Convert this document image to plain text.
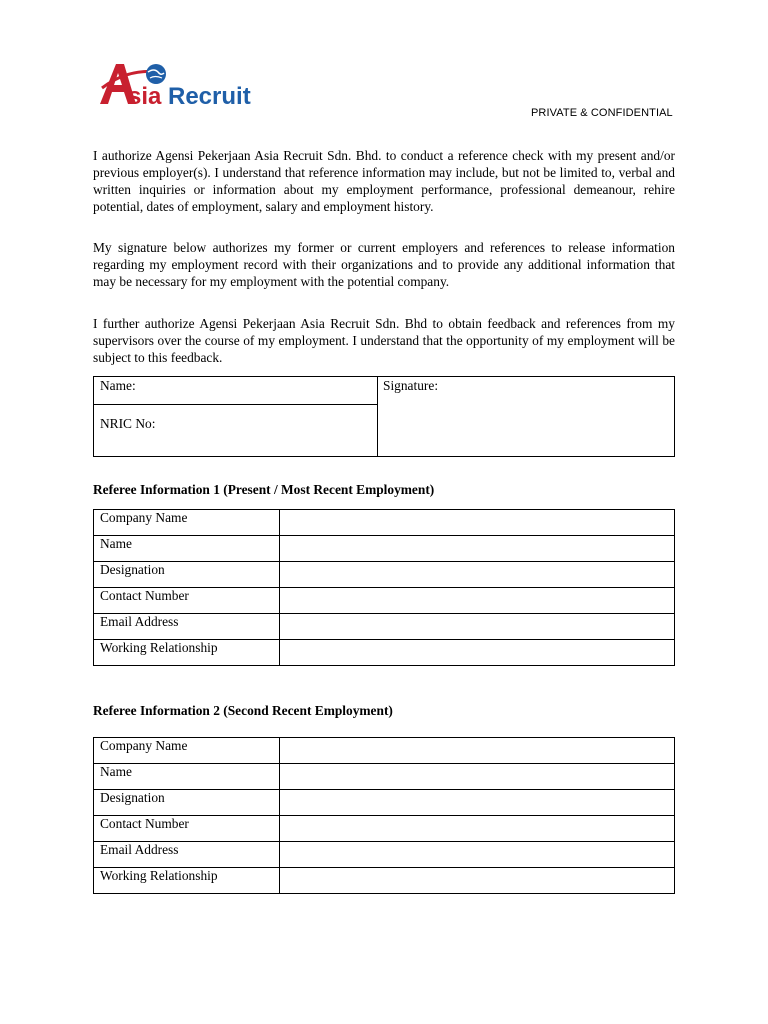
sia Recruit
PRIVATE & CONFIDENTIAL

I authorize Agensi Pekerjaan Asia Recruit Sdn. Bhd. to conduct a reference check with my present and/or previous employer(s). I understand that reference information may include, but not be limited to, verbal and written inquiries or information about my employment performance, professional demeanour, rehire potential, dates of employment, salary and employment history.

My signature below authorizes my former or current employers and references to release information regarding my employment record with their organizations and to provide any additional information that may be necessary for my employment with the potential company.

I further authorize Agensi Pekerjaan Asia Recruit Sdn. Bhd to obtain feedback and references from my supervisors over the course of my employment. I understand that the opportunity of my employment will be subject to this feedback.

Name:
NRIC No:
Signature:
Referee Information 1 (Present / Most Recent Employment)
Company Name	
Name	
Designation	
Contact Number	
Email Address	
Working Relationship	
Referee Information 2 (Second Recent Employment)
Company Name	
Name	
Designation	
Contact Number	
Email Address	
Working Relationship	
